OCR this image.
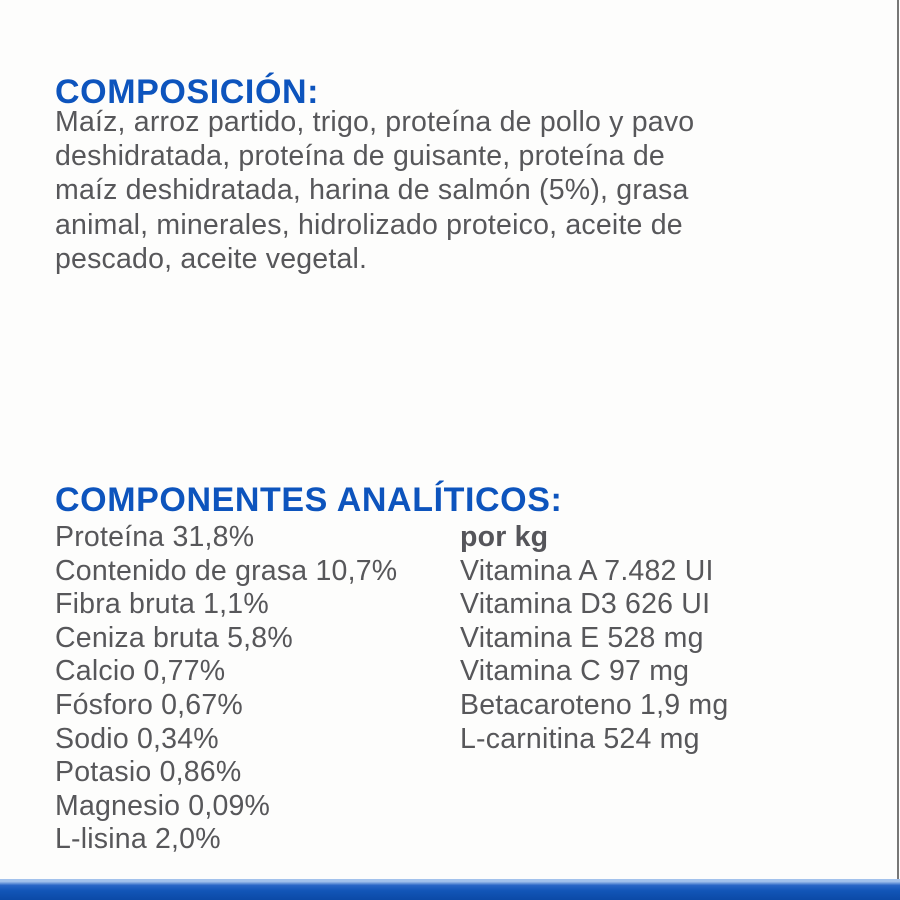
COMPOSICIÓN:
Maíz, arroz partido, trigo, proteína de pollo y pavo
deshidratada, proteína de guisante, proteína de
maíz deshidratada, harina de salmón (5%), grasa
animal, minerales, hidrolizado proteico, aceite de
pescado, aceite vegetal.
COMPONENTES ANALÍTICOS:
Proteína 31,8%
Contenido de grasa 10,7%
Fibra bruta 1,1%
Ceniza bruta 5,8%
Calcio 0,77%
Fósforo 0,67%
Sodio 0,34%
Potasio 0,86%
Magnesio 0,09%
L-lisina 2,0%
por kg
Vitamina A 7.482 UI
Vitamina D3 626 UI
Vitamina E 528 mg
Vitamina C 97 mg
Betacaroteno 1,9 mg
L-carnitina 524 mg
